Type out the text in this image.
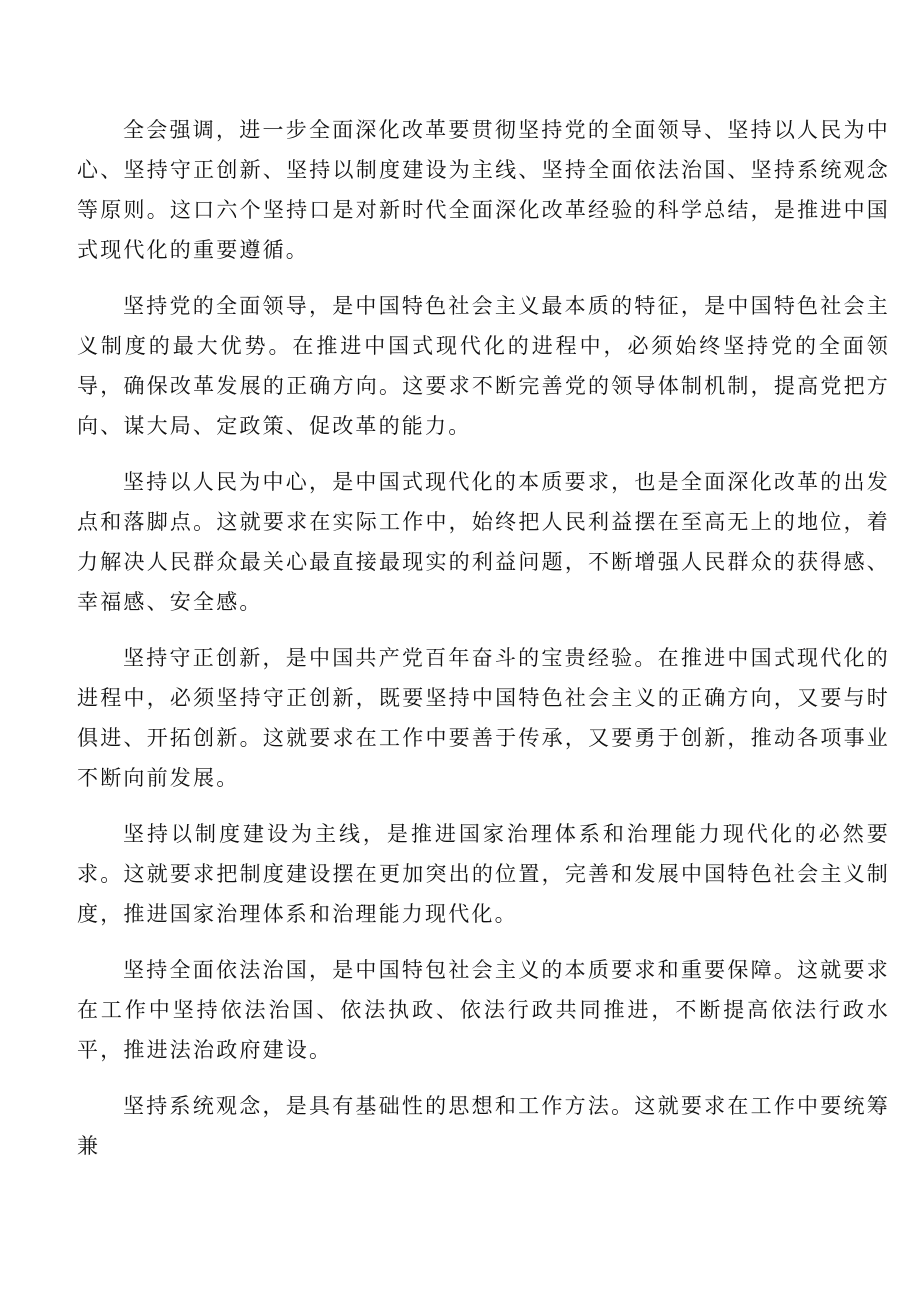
全会强调，进一步全面深化改革要贯彻坚持党的全面领导、坚持以人民为中心、坚持守正创新、坚持以制度建设为主线、坚持全面依法治国、坚持系统观念等原则。这口六个坚持口是对新时代全面深化改革经验的科学总结，是推进中国式现代化的重要遵循。

坚持党的全面领导，是中国特色社会主义最本质的特征，是中国特色社会主义制度的最大优势。在推进中国式现代化的进程中，必须始终坚持党的全面领导，确保改革发展的正确方向。这要求不断完善党的领导体制机制，提高党把方向、谋大局、定政策、促改革的能力。

坚持以人民为中心，是中国式现代化的本质要求，也是全面深化改革的出发点和落脚点。这就要求在实际工作中，始终把人民利益摆在至高无上的地位，着力解决人民群众最关心最直接最现实的利益问题，不断增强人民群众的获得感、幸福感、安全感。

坚持守正创新，是中国共产党百年奋斗的宝贵经验。在推进中国式现代化的进程中，必须坚持守正创新，既要坚持中国特色社会主义的正确方向，又要与时俱进、开拓创新。这就要求在工作中要善于传承，又要勇于创新，推动各项事业不断向前发展。

坚持以制度建设为主线，是推进国家治理体系和治理能力现代化的必然要求。这就要求把制度建设摆在更加突出的位置，完善和发展中国特色社会主义制度，推进国家治理体系和治理能力现代化。

坚持全面依法治国，是中国特包社会主义的本质要求和重要保障。这就要求在工作中坚持依法治国、依法执政、依法行政共同推进，不断提高依法行政水平，推进法治政府建设。

坚持系统观念，是具有基础性的思想和工作方法。这就要求在工作中要统筹兼
